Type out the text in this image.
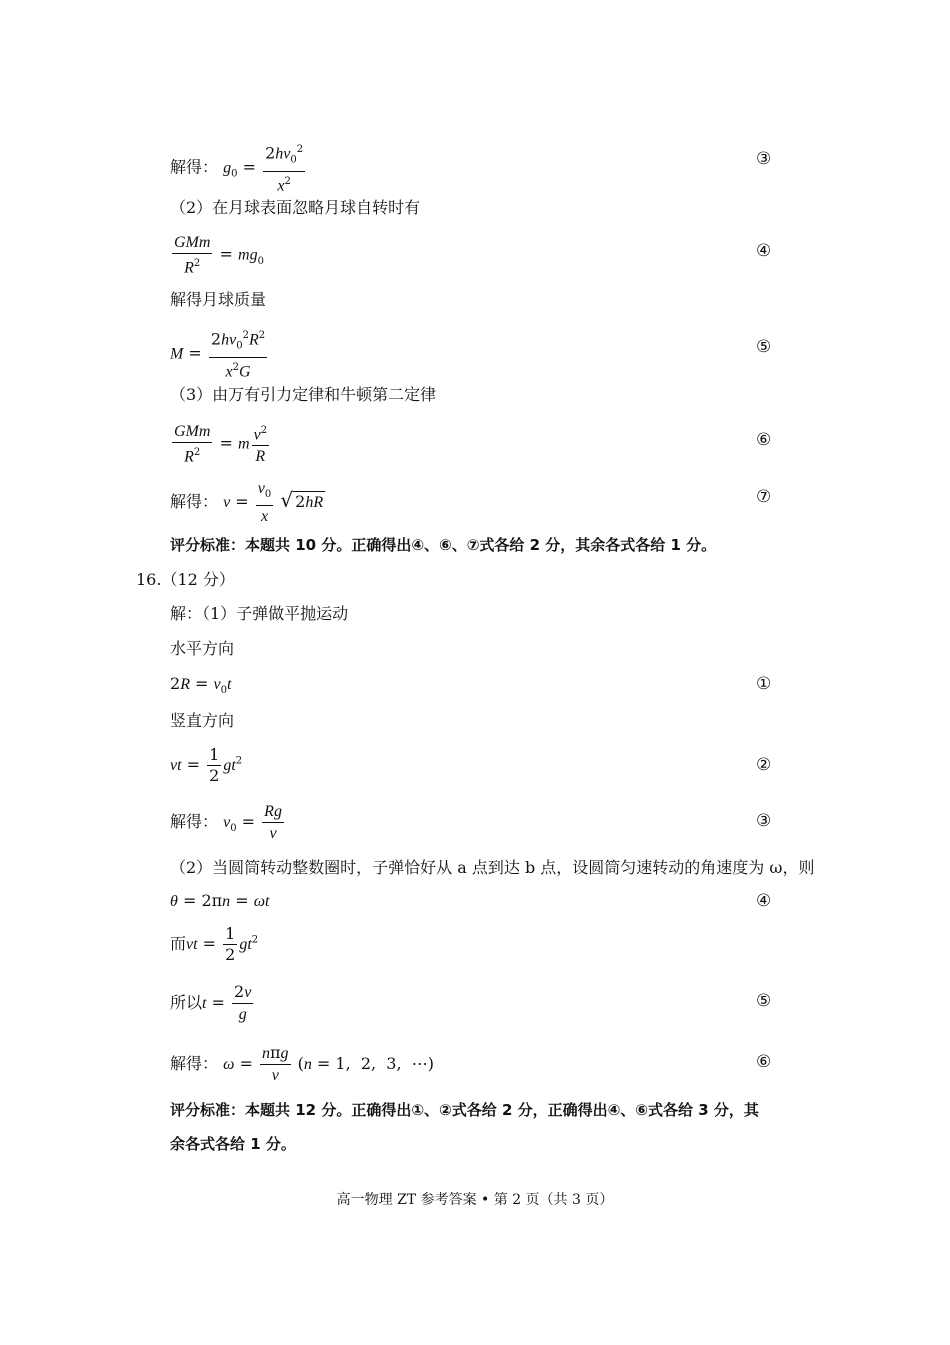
解得： $g_0 = \frac{2hv_0^2}{x^2}$	③
（2）在月球表面忽略月球自转时有
$\frac{\text{GMm}}{R^2} = mg_0$
④
解得月球质量
$M = \frac{2hv_0^2R^2}{x^2G}$	⑤
（3）由万有引力定律和牛顿第二定律
$\frac{\text{GMm}}{R^2} = m \frac{v^2}{R}$	⑥
解得： $v = \frac{v_0}{x}$ √ 2hR	⑦
评分标准：本题共 10 分。正确得出④、⑥、⑦式各给 2 分，其余各式各给 1 分。
16.（12 分）
解：（1）子弹做平抛运动
水平方向
$2R = v_0t$	①
竖直方向
vt = $\frac{1}{2} gt^2$	②
解得： $v_0 = \frac{Rg}{v}$	③
（2）当圆筒转动整数圈时，子弹恰好从 a 点到达 b 点，设圆筒匀速转动的角速度为 ω，则
θ = 2πn = ωt	④
而vt = $\frac{1}{2} gt^2$
所以$t = \frac{2v}{g}$	⑤
解得： $\omega = \frac{\text{nπg}}{v} (n = 1$,  2,  3,  ⋯)	⑥
评分标准：本题共 12 分。正确得出①、②式各给 2 分，正确得出④、⑥式各给 3 分，其
余各式各给 1 分。
高一物理 ZT 参考答案 • 第 2 页（共 3 页）
